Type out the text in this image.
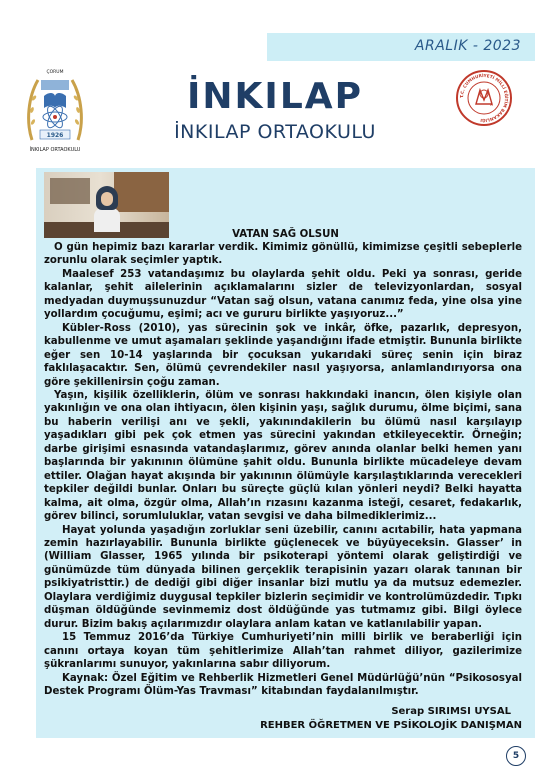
ARALIK - 2023
ÇORUM
1926
İNKILAP ORTAOKULU
İNKILAP
İNKILAP ORTAOKULU
T.C. CUMHURİYETİ MİLLİ EĞİTİM BAKANLIĞI
VATAN SAĞ OLSUN

O gün hepimiz bazı kararlar verdik. Kimimiz gönüllü, kimimizse çeşitli sebeplerle zorunlu olarak seçimler yaptık.

Maalesef 253 vatandaşımız bu olaylarda şehit oldu. Peki ya sonrası, geride kalanlar, şehit ailelerinin açıklamalarını sizler de televizyonlardan, sosyal medyadan duymuşsunuzdur “Vatan sağ olsun, vatana canımız feda, yine olsa yine yollardım çocuğumu, eşimi; acı ve gururu birlikte yaşıyoruz...”

Kübler-Ross (2010), yas sürecinin şok ve inkâr, öfke, pazarlık, depresyon, kabullenme ve umut aşamaları şeklinde yaşandığını ifade etmiştir. Bununla birlikte eğer sen 10-14 yaşlarında bir çocuksan yukarıdaki süreç senin için biraz faklılaşacaktır. Sen, ölümü çevrendekiler nasıl yaşıyorsa, anlamlandırıyorsa ona göre şekillenirsin çoğu zaman.

Yaşın, kişilik özelliklerin, ölüm ve sonrası hakkındaki inancın, ölen kişiyle olan yakınlığın ve ona olan ihtiyacın, ölen kişinin yaşı, sağlık durumu, ölme biçimi, sana bu haberin verilişi anı ve şekli, yakınındakilerin bu ölümü nasıl karşılayıp yaşadıkları gibi pek çok etmen yas sürecini yakından etkileyecektir. Örneğin; darbe girişimi esnasında vatandaşlarımız, görev anında olanlar belki hemen yanı başlarında bir yakınının ölümüne şahit oldu. Bununla birlikte mücadeleye devam ettiler. Olağan hayat akışında bir yakınının ölümüyle karşılaştıklarında verecekleri tepkiler değildi bunlar. Onları bu süreçte güçlü kılan yönleri neydi? Belki hayatta kalma, ait olma, özgür olma, Allah’ın rızasını kazanma isteği, cesaret, fedakarlık, görev bilinci, sorumluluklar, vatan sevgisi ve daha bilmediklerimiz...

Hayat yolunda yaşadığın zorluklar seni üzebilir, canını acıtabilir, hata yapmana zemin hazırlayabilir. Bununla birlikte güçlenecek ve büyüyeceksin. Glasser’ in (William Glasser, 1965 yılında bir psikoterapi yöntemi olarak geliştirdiği ve günümüzde tüm dünyada bilinen gerçeklik terapisinin yazarı olarak tanınan bir psikiyatristtir.) de dediği gibi diğer insanlar bizi mutlu ya da mutsuz edemezler. Olaylara verdiğimiz duygusal tepkiler bizlerin seçimidir ve kontrolümüzdedir. Tıpkı düşman öldüğünde sevinmemiz dost öldüğünde yas tutmamız gibi. Bilgi öylece durur. Bizim bakış açılarımızdır olaylara anlam katan ve katlanılabilir yapan.

15 Temmuz 2016’da Türkiye Cumhuriyeti’nin milli birlik ve beraberliği için canını ortaya koyan tüm şehitlerimize Allah’tan rahmet diliyor, gazilerimize şükranlarımı sunuyor, yakınlarına sabır diliyorum.

Kaynak: Özel Eğitim ve Rehberlik Hizmetleri Genel Müdürlüğü’nün “Psikososyal Destek Programı Ölüm-Yas Travması” kitabından faydalanılmıştır.

Serap SIRIMSI UYSAL
REHBER ÖĞRETMEN VE PSİKOLOJİK DANIŞMAN
5
